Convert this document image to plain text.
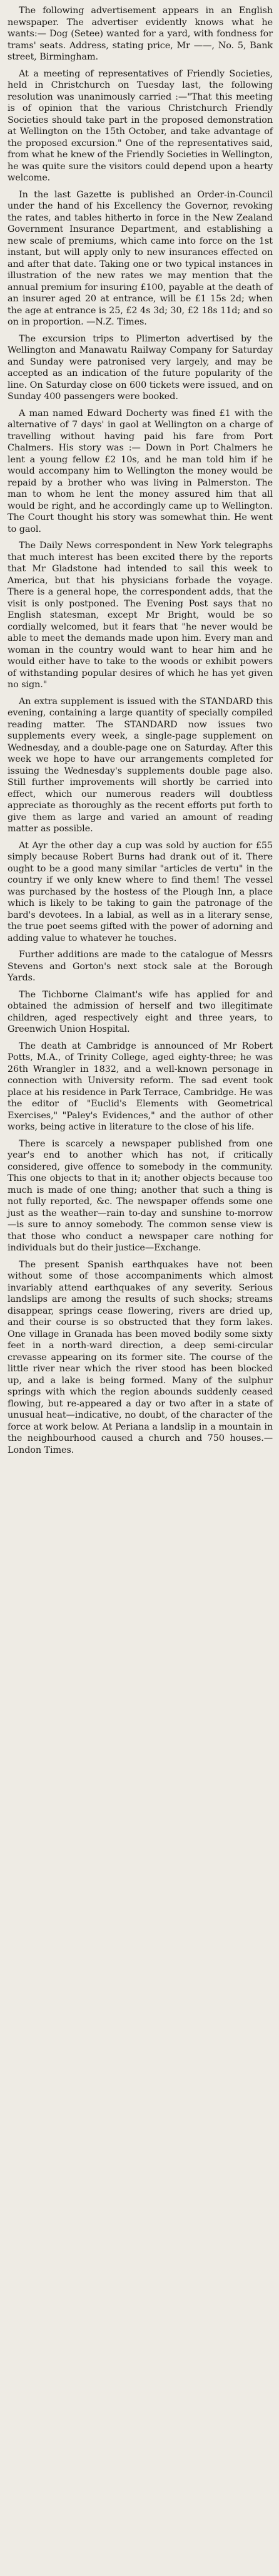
The following advertisement appears in an English newspaper. The advertiser evidently knows what he wants:— Dog (Setee) wanted for a yard, with fondness for trams' seats. Address, stating price, Mr ——, No. 5, Bank street, Birmingham.

At a meeting of representatives of Friendly Societies, held in Christchurch on Tuesday last, the following resolution was unanimously carried :—"That this meeting is of opinion that the various Christchurch Friendly Societies should take part in the proposed demonstration at Wellington on the 15th October, and take advantage of the proposed excursion." One of the representatives said, from what he knew of the Friendly Societies in Wellington, he was quite sure the visitors could depend upon a hearty welcome.

In the last Gazette is published an Order-in-Council under the hand of his Excellency the Governor, revoking the rates, and tables hitherto in force in the New Zealand Government Insurance Department, and establishing a new scale of premiums, which came into force on the 1st instant, but will apply only to new insurances effected on and after that date. Taking one or two typical instances in illustration of the new rates we may mention that the annual premium for insuring £100, payable at the death of an insurer aged 20 at entrance, will be £1 15s 2d; when the age at entrance is 25, £2 4s 3d; 30, £2 18s 11d; and so on in proportion. —N.Z. Times.

The excursion trips to Plimerton advertised by the Wellington and Manawatu Railway Company for Saturday and Sunday were patronised very largely, and may be accepted as an indication of the future popularity of the line. On Saturday close on 600 tickets were issued, and on Sunday 400 passengers were booked.

A man named Edward Docherty was fined £1 with the alternative of 7 days' in gaol at Wellington on a charge of travelling without having paid his fare from Port Chalmers. His story was :— Down in Port Chalmers he lent a young fellow £2 10s, and he man told him if he would accompany him to Wellington the money would be repaid by a brother who was living in Palmerston. The man to whom he lent the money assured him that all would be right, and he accordingly came up to Wellington. The Court thought his story was somewhat thin. He went to gaol.

The Daily News correspondent in New York telegraphs that much interest has been excited there by the reports that Mr Gladstone had intended to sail this week to America, but that his physicians forbade the voyage. There is a general hope, the correspondent adds, that the visit is only postponed. The Evening Post says that no English statesman, except Mr Bright, would be so cordially welcomed, but it fears that "he never would be able to meet the demands made upon him. Every man and woman in the country would want to hear him and he would either have to take to the woods or exhibit powers of withstanding popular desires of which he has yet given no sign."

An extra supplement is issued with the STANDARD this evening, containing a large quantity of specially compiled reading matter. The STANDARD now issues two supplements every week, a single-page supplement on Wednesday, and a double-page one on Saturday. After this week we hope to have our arrangements completed for issuing the Wednesday's supplements double page also. Still further improvements will shortly be carried into effect, which our numerous readers will doubtless appreciate as thoroughly as the recent efforts put forth to give them as large and varied an amount of reading matter as possible.

At Ayr the other day a cup was sold by auction for £55 simply because Robert Burns had drank out of it. There ought to be a good many similar "articles de vertu" in the country if we only knew where to find them! The vessel was purchased by the hostess of the Plough Inn, a place which is likely to be taking to gain the patronage of the bard's devotees. In a labial, as well as in a literary sense, the true poet seems gifted with the power of adorning and adding value to whatever he touches.

Further additions are made to the catalogue of Messrs Stevens and Gorton's next stock sale at the Borough Yards.

The Tichborne Claimant's wife has applied for and obtained the admission of herself and two illegitimate children, aged respectively eight and three years, to Greenwich Union Hospital.

The death at Cambridge is announced of Mr Robert Potts, M.A., of Trinity College, aged eighty-three; he was 26th Wrangler in 1832, and a well-known personage in connection with University reform. The sad event took place at his residence in Park Terrace, Cambridge. He was the editor of "Euclid's Elements with Geometrical Exercises," "Paley's Evidences," and the author of other works, being active in literature to the close of his life.

There is scarcely a newspaper published from one year's end to another which has not, if critically considered, give offence to somebody in the community. This one objects to that in it; another objects because too much is made of one thing; another that such a thing is not fully reported, &c. The newspaper offends some one just as the weather—rain to-day and sunshine to-morrow—is sure to annoy somebody. The common sense view is that those who conduct a newspaper care nothing for individuals but do their justice—Exchange.

The present Spanish earthquakes have not been without some of those accompaniments which almost invariably attend earthquakes of any severity. Serious landslips are among the results of such shocks; streams disappear, springs cease flowering, rivers are dried up, and their course is so obstructed that they form lakes. One village in Granada has been moved bodily some sixty feet in a north-ward direction, a deep semi-circular crevasse appearing on its former site. The course of the little river near which the river stood has been blocked up, and a lake is being formed. Many of the sulphur springs with which the region abounds suddenly ceased flowing, but re-appeared a day or two after in a state of unusual heat—indicative, no doubt, of the character of the force at work below. At Periana a landslip in a mountain in the neighbourhood caused a church and 750 houses.—London Times.
